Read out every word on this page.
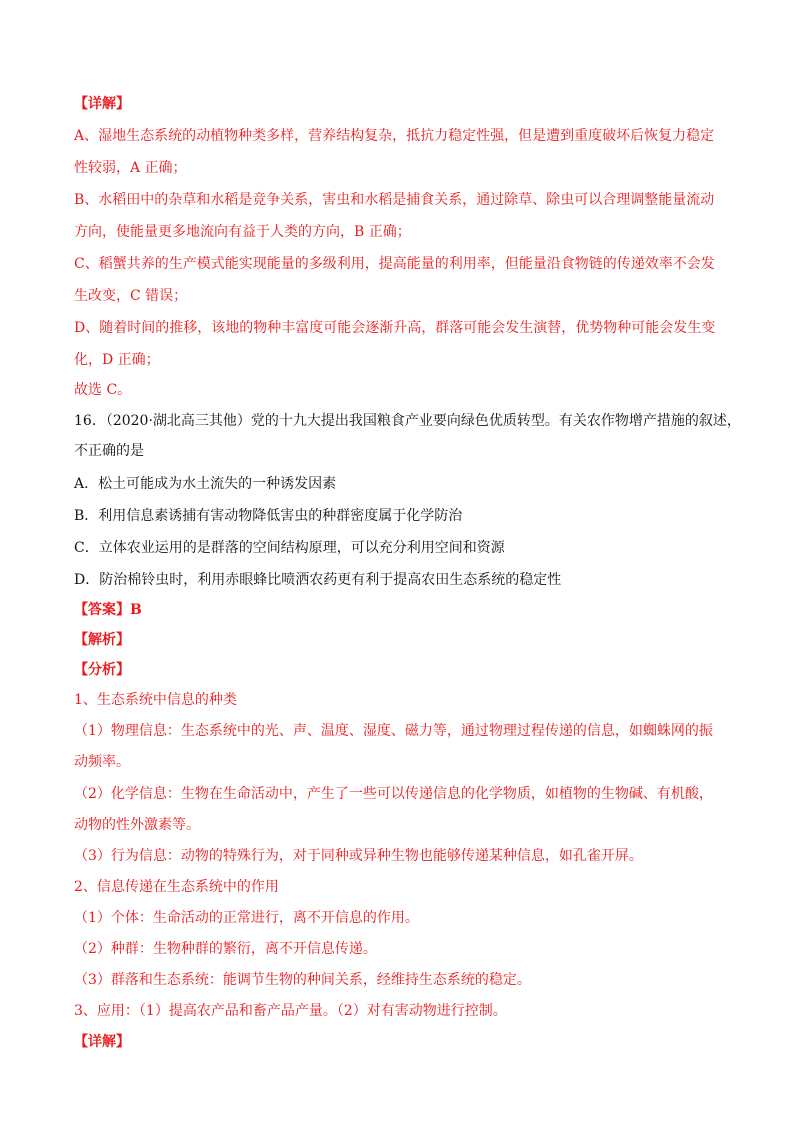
【详解】
A、湿地生态系统的动植物种类多样，营养结构复杂，抵抗力稳定性强，但是遭到重度破坏后恢复力稳定
性较弱，A 正确；
B、水稻田中的杂草和水稻是竞争关系，害虫和水稻是捕食关系，通过除草、除虫可以合理调整能量流动
方向，使能量更多地流向有益于人类的方向，B 正确；
C、稻蟹共养的生产模式能实现能量的多级利用，提高能量的利用率，但能量沿食物链的传递效率不会发
生改变，C 错误；
D、随着时间的推移，该地的物种丰富度可能会逐渐升高，群落可能会发生演替，优势物种可能会发生变
化，D 正确；
故选 C。
16．（2020·湖北高三其他）党的十九大提出我国粮食产业要向绿色优质转型。有关农作物增产措施的叙述，
不正确的是
A．松土可能成为水土流失的一种诱发因素
B．利用信息素诱捕有害动物降低害虫的种群密度属于化学防治
C．立体农业运用的是群落的空间结构原理，可以充分利用空间和资源
D．防治棉铃虫时，利用赤眼蜂比喷洒农药更有利于提高农田生态系统的稳定性
【答案】B
【解析】
【分析】
1、生态系统中信息的种类
（1）物理信息：生态系统中的光、声、温度、湿度、磁力等，通过物理过程传递的信息，如蜘蛛网的振
动频率。
（2）化学信息：生物在生命活动中，产生了一些可以传递信息的化学物质，如植物的生物碱、有机酸，
动物的性外激素等。
（3）行为信息：动物的特殊行为，对于同种或异种生物也能够传递某种信息，如孔雀开屏。
2、信息传递在生态系统中的作用
（1）个体：生命活动的正常进行，离不开信息的作用。
（2）种群：生物种群的繁衍，离不开信息传递。
（3）群落和生态系统：能调节生物的种间关系，经维持生态系统的稳定。
3、应用：（1）提高农产品和畜产品产量。（2）对有害动物进行控制。
【详解】
